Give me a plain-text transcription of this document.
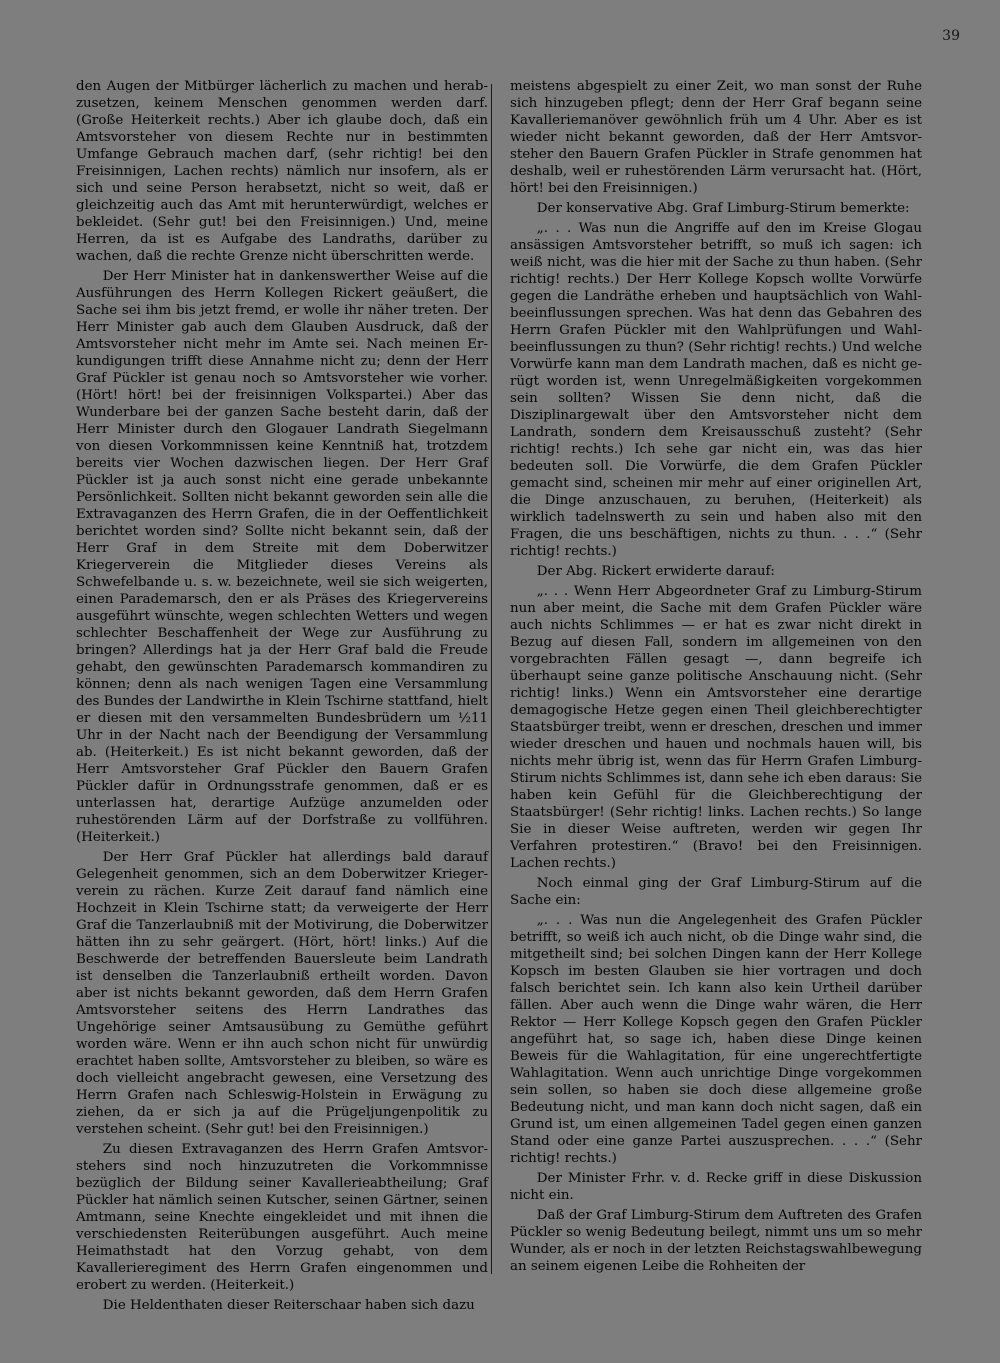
39

den Augen der Mitbürger lächerlich zu machen und herabzusetzen, keinem Menschen genommen werden darf. (Große Heiterkeit rechts.) Aber ich glaube doch, daß ein Amtsvorsteher von diesem Rechte nur in bestimmten Umfange Gebrauch machen darf, (sehr richtig! bei den Freisinnigen, Lachen rechts) nämlich nur insofern, als er sich und seine Person herabsetzt, nicht so weit, daß er gleichzeitig auch das Amt mit herunterwürdigt, welches er bekleidet. (Sehr gut! bei den Freisinnigen.) Und, meine Herren, da ist es Aufgabe des Landraths, darüber zu wachen, daß die rechte Grenze nicht überschritten werde.

Der Herr Minister hat in dankenswerther Weise auf die Ausführungen des Herrn Kollegen Rickert geäußert, die Sache sei ihm bis jetzt fremd, er wolle ihr näher treten. Der Herr Minister gab auch dem Glauben Ausdruck, daß der Amtsvorsteher nicht mehr im Amte sei. Nach meinen Erkundigungen trifft diese Annahme nicht zu; denn der Herr Graf Pückler ist genau noch so Amtsvorsteher wie vorher. (Hört! hört! bei der freisinnigen Volkspartei.) Aber das Wunderbare bei der ganzen Sache besteht darin, daß der Herr Minister durch den Glogauer Landrath Siegelmann von diesen Vorkommnissen keine Kenntniß hat, trotzdem bereits vier Wochen dazwischen liegen. Der Herr Graf Pückler ist ja auch sonst nicht eine gerade unbekannte Persönlichkeit. Sollten nicht bekannt geworden sein alle die Extravaganzen des Herrn Grafen, die in der Oeffentlichkeit berichtet worden sind? Sollte nicht bekannt sein, daß der Herr Graf in dem Streite mit dem Doberwitzer Kriegerverein die Mitglieder dieses Vereins als Schwefelbande u. s. w. bezeichnete, weil sie sich weigerten, einen Parademarsch, den er als Präses des Kriegervereins ausgeführt wünschte, wegen schlechten Wetters und wegen schlechter Beschaffenheit der Wege zur Ausführung zu bringen? Allerdings hat ja der Herr Graf bald die Freude gehabt, den gewünschten Parademarsch kommandiren zu können; denn als nach wenigen Tagen eine Versammlung des Bundes der Landwirthe in Klein Tschirne stattfand, hielt er diesen mit den versammelten Bundesbrüdern um ½11 Uhr in der Nacht nach der Beendigung der Versammlung ab. (Heiterkeit.) Es ist nicht bekannt geworden, daß der Herr Amtsvorsteher Graf Pückler den Bauern Grafen Pückler dafür in Ordnungsstrafe genommen, daß er es unterlassen hat, derartige Aufzüge anzumelden oder ruhestörenden Lärm auf der Dorfstraße zu vollführen. (Heiterkeit.)

Der Herr Graf Pückler hat allerdings bald darauf Gelegenheit genommen, sich an dem Doberwitzer Kriegerverein zu rächen. Kurze Zeit darauf fand nämlich eine Hochzeit in Klein Tschirne statt; da verweigerte der Herr Graf die Tanzerlaubniß mit der Motivirung, die Doberwitzer hätten ihn zu sehr geärgert. (Hört, hört! links.) Auf die Beschwerde der betreffenden Bauersleute beim Landrath ist denselben die Tanzerlaubniß ertheilt worden. Davon aber ist nichts bekannt geworden, daß dem Herrn Grafen Amtsvorsteher seitens des Herrn Landrathes das Ungehörige seiner Amtsausübung zu Gemüthe geführt worden wäre. Wenn er ihn auch schon nicht für unwürdig erachtet haben sollte, Amtsvorsteher zu bleiben, so wäre es doch vielleicht angebracht gewesen, eine Versetzung des Herrn Grafen nach Schleswig-Holstein in Erwägung zu ziehen, da er sich ja auf die Prügeljungenpolitik zu verstehen scheint. (Sehr gut! bei den Freisinnigen.)

Zu diesen Extravaganzen des Herrn Grafen Amtsvorstehers sind noch hinzuzutreten die Vorkommnisse bezüglich der Bildung seiner Kavallerieabtheilung; Graf Pückler hat nämlich seinen Kutscher, seinen Gärtner, seinen Amtmann, seine Knechte eingekleidet und mit ihnen die verschiedensten Reiterübungen ausgeführt. Auch meine Heimathstadt hat den Vorzug gehabt, von dem Kavallerieregiment des Herrn Grafen eingenommen und erobert zu werden. (Heiterkeit.)

Die Heldenthaten dieser Reiterschaar haben sich dazu

meistens abgespielt zu einer Zeit, wo man sonst der Ruhe sich hinzugeben pflegt; denn der Herr Graf begann seine Kavalleriemanöver gewöhnlich früh um 4 Uhr. Aber es ist wieder nicht bekannt geworden, daß der Herr Amtsvorsteher den Bauern Grafen Pückler in Strafe genommen hat deshalb, weil er ruhestörenden Lärm verursacht hat. (Hört, hört! bei den Freisinnigen.)

Der konservative Abg. Graf Limburg-Stirum bemerkte:

„. . . Was nun die Angriffe auf den im Kreise Glogau ansässigen Amtsvorsteher betrifft, so muß ich sagen: ich weiß nicht, was die hier mit der Sache zu thun haben. (Sehr richtig! rechts.) Der Herr Kollege Kopsch wollte Vorwürfe gegen die Landräthe erheben und hauptsächlich von Wahlbeeinflussungen sprechen. Was hat denn das Gebahren des Herrn Grafen Pückler mit den Wahlprüfungen und Wahlbeeinflussungen zu thun? (Sehr richtig! rechts.) Und welche Vorwürfe kann man dem Landrath machen, daß es nicht gerügt worden ist, wenn Unregelmäßigkeiten vorgekommen sein sollten? Wissen Sie denn nicht, daß die Disziplinargewalt über den Amtsvorsteher nicht dem Landrath, sondern dem Kreisausschuß zusteht? (Sehr richtig! rechts.) Ich sehe gar nicht ein, was das hier bedeuten soll. Die Vorwürfe, die dem Grafen Pückler gemacht sind, scheinen mir mehr auf einer originellen Art, die Dinge anzuschauen, zu beruhen, (Heiterkeit) als wirklich tadelnswerth zu sein und haben also mit den Fragen, die uns beschäftigen, nichts zu thun. . . .“ (Sehr richtig! rechts.)

Der Abg. Rickert erwiderte darauf:

„. . . Wenn Herr Abgeordneter Graf zu Limburg-Stirum nun aber meint, die Sache mit dem Grafen Pückler wäre auch nichts Schlimmes — er hat es zwar nicht direkt in Bezug auf diesen Fall, sondern im allgemeinen von den vorgebrachten Fällen gesagt —, dann begreife ich überhaupt seine ganze politische Anschauung nicht. (Sehr richtig! links.) Wenn ein Amtsvorsteher eine derartige demagogische Hetze gegen einen Theil gleichberechtigter Staatsbürger treibt, wenn er dreschen, dreschen und immer wieder dreschen und hauen und nochmals hauen will, bis nichts mehr übrig ist, wenn das für Herrn Grafen Limburg-Stirum nichts Schlimmes ist, dann sehe ich eben daraus: Sie haben kein Gefühl für die Gleichberechtigung der Staatsbürger! (Sehr richtig! links. Lachen rechts.) So lange Sie in dieser Weise auftreten, werden wir gegen Ihr Verfahren protestiren.“ (Bravo! bei den Freisinnigen. Lachen rechts.)

Noch einmal ging der Graf Limburg-Stirum auf die Sache ein:

„. . . Was nun die Angelegenheit des Grafen Pückler betrifft, so weiß ich auch nicht, ob die Dinge wahr sind, die mitgetheilt sind; bei solchen Dingen kann der Herr Kollege Kopsch im besten Glauben sie hier vortragen und doch falsch berichtet sein. Ich kann also kein Urtheil darüber fällen. Aber auch wenn die Dinge wahr wären, die Herr Rektor — Herr Kollege Kopsch gegen den Grafen Pückler angeführt hat, so sage ich, haben diese Dinge keinen Beweis für die Wahlagitation, für eine ungerechtfertigte Wahlagitation. Wenn auch unrichtige Dinge vorgekommen sein sollen, so haben sie doch diese allgemeine große Bedeutung nicht, und man kann doch nicht sagen, daß ein Grund ist, um einen allgemeinen Tadel gegen einen ganzen Stand oder eine ganze Partei auszusprechen. . . .“ (Sehr richtig! rechts.)

Der Minister Frhr. v. d. Recke griff in diese Diskussion nicht ein.

Daß der Graf Limburg-Stirum dem Auftreten des Grafen Pückler so wenig Bedeutung beilegt, nimmt uns um so mehr Wunder, als er noch in der letzten Reichstagswahlbewegung an seinem eigenen Leibe die Rohheiten der
